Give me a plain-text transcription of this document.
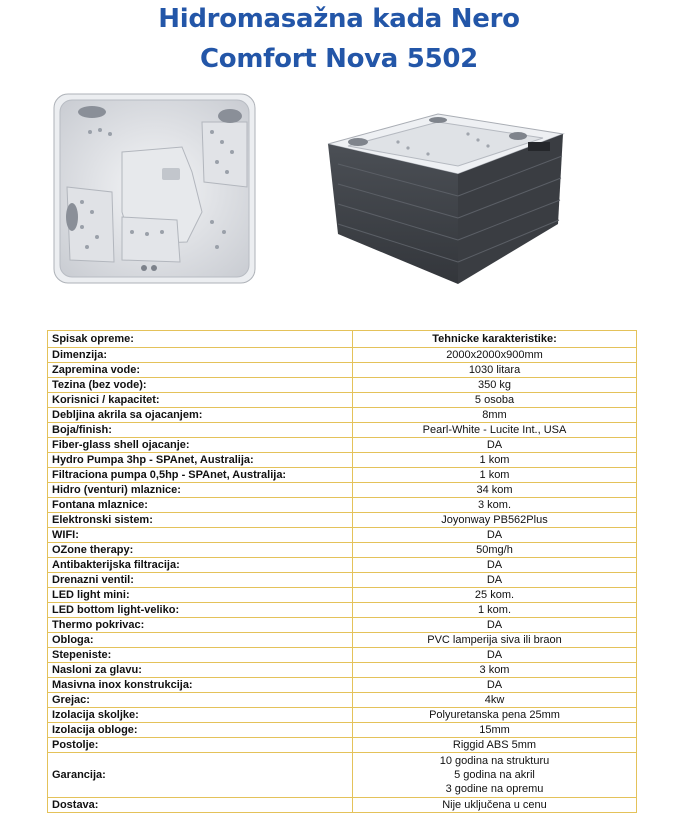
Hidromasažna kada Nero
Comfort Nova 5502
Spisak opreme:	Tehnicke karakteristike:
Dimenzija:	2000x2000x900mm
Zapremina vode:	1030 litara
Tezina (bez vode):	350 kg
Korisnici / kapacitet:	5 osoba
Debljina akrila sa ojacanjem:	8mm
Boja/finish:	Pearl-White - Lucite Int., USA
Fiber-glass shell ojacanje:	DA
Hydro Pumpa 3hp - SPAnet, Australija:	1 kom
Filtraciona pumpa 0,5hp - SPAnet, Australija:	1 kom
Hidro (venturi) mlaznice:	34 kom
Fontana mlaznice:	3 kom.
Elektronski sistem:	Joyonway PB562Plus
WIFI:	DA
OZone therapy:	50mg/h
Antibakterijska filtracija:	DA
Drenazni ventil:	DA
LED light mini:	25 kom.
LED bottom light-veliko:	1 kom.
Thermo pokrivac:	DA
Obloga:	PVC lamperija siva ili braon
Stepeniste:	DA
Nasloni za glavu:	3 kom
Masivna inox konstrukcija:	DA
Grejac:	4kw
Izolacija skoljke:	Polyuretanska pena 25mm
Izolacija obloge:	15mm
Postolje:	Riggid ABS 5mm
Garancija:	10 godina na strukturu
5 godina na akril
3 godine na opremu

Dostava:	Nije uključena u cenu
